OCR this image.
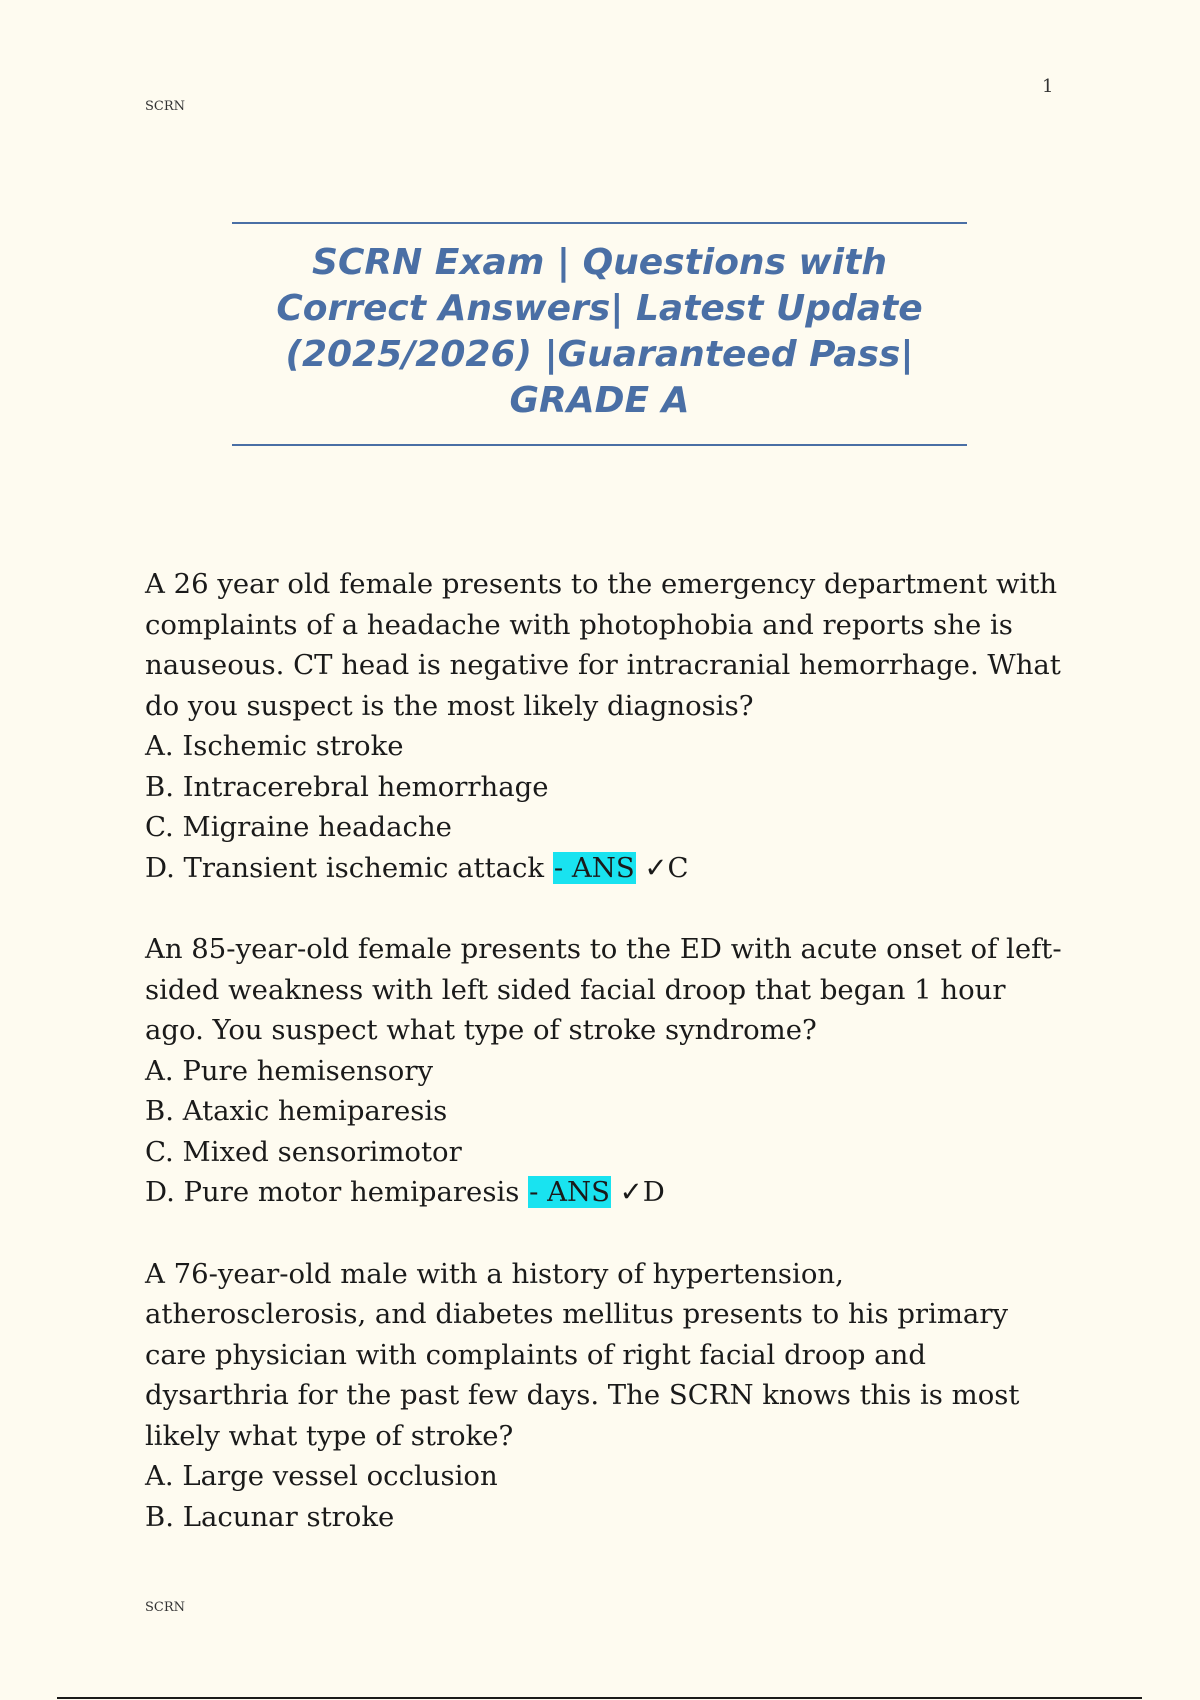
SCRN
1
SCRN Exam | Questions with Correct Answers| Latest Update (2025/2026) |Guaranteed Pass| GRADE A

A 26 year old female presents to the emergency department with complaints of a headache with photophobia and reports she is nauseous. CT head is negative for intracranial hemorrhage. What do you suspect is the most likely diagnosis?

A. Ischemic stroke
B. Intracerebral hemorrhage
C. Migraine headache
D. Transient ischemic attack - ANS ✓C

An 85-year-old female presents to the ED with acute onset of left-sided weakness with left sided facial droop that began 1 hour ago. You suspect what type of stroke syndrome?

A. Pure hemisensory
B. Ataxic hemiparesis
C. Mixed sensorimotor
D. Pure motor hemiparesis - ANS ✓D

A 76-year-old male with a history of hypertension, atherosclerosis, and diabetes mellitus presents to his primary care physician with complaints of right facial droop and dysarthria for the past few days. The SCRN knows this is most likely what type of stroke?

A. Large vessel occlusion
B. Lacunar stroke
SCRN
